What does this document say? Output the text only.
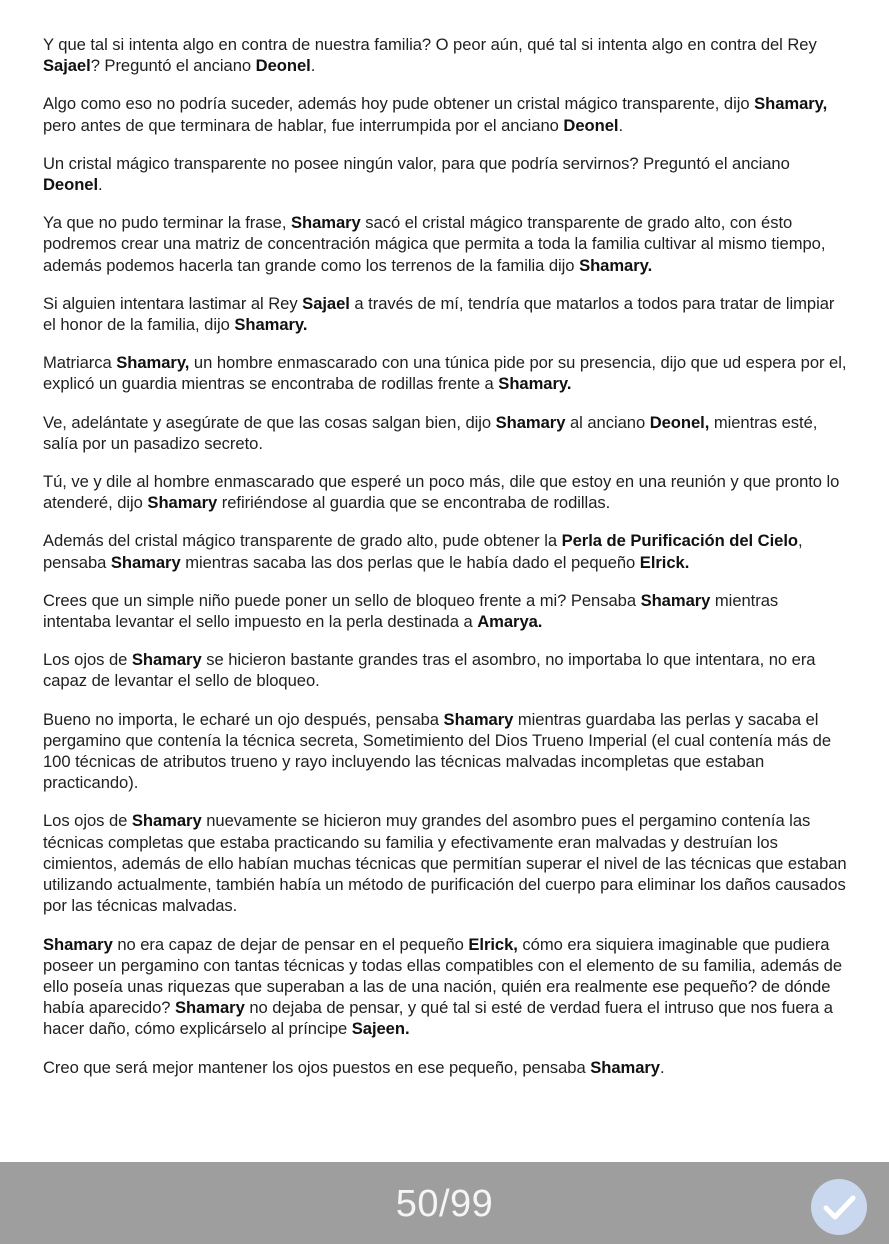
Y que tal si intenta algo en contra de nuestra familia? O peor aún, qué tal si intenta algo en contra del Rey Sajael? Preguntó el anciano Deonel.

Algo como eso no podría suceder, además hoy pude obtener un cristal mágico transparente, dijo Shamary, pero antes de que terminara de hablar, fue interrumpida por el anciano Deonel.

Un cristal mágico transparente no posee ningún valor, para que podría servirnos? Preguntó el anciano Deonel.

Ya que no pudo terminar la frase, Shamary sacó el cristal mágico transparente de grado alto, con ésto podremos crear una matriz de concentración mágica que permita a toda la familia cultivar al mismo tiempo, además podemos hacerla tan grande como los terrenos de la familia dijo Shamary.

Si alguien intentara lastimar al Rey Sajael a través de mí, tendría que matarlos a todos para tratar de limpiar el honor de la familia, dijo Shamary.

Matriarca Shamary, un hombre enmascarado con una túnica pide por su presencia, dijo que ud espera por el, explicó un guardia mientras se encontraba de rodillas frente a Shamary.

Ve, adelántate y asegúrate de que las cosas salgan bien, dijo Shamary al anciano Deonel, mientras esté, salía por un pasadizo secreto.

Tú, ve y dile al hombre enmascarado que esperé un poco más, dile que estoy en una reunión y que pronto lo atenderé, dijo Shamary refiriéndose al guardia que se encontraba de rodillas.

Además del cristal mágico transparente de grado alto, pude obtener la Perla de Purificación del Cielo, pensaba Shamary mientras sacaba las dos perlas que le había dado el pequeño Elrick.

Crees que un simple niño puede poner un sello de bloqueo frente a mi? Pensaba Shamary mientras intentaba levantar el sello impuesto en la perla destinada a Amarya.

Los ojos de Shamary se hicieron bastante grandes tras el asombro, no importaba lo que intentara, no era capaz de levantar el sello de bloqueo.

Bueno no importa, le echaré un ojo después, pensaba Shamary mientras guardaba las perlas y sacaba el pergamino que contenía la técnica secreta, Sometimiento del Dios Trueno Imperial (el cual contenía más de 100 técnicas de atributos trueno y rayo incluyendo las técnicas malvadas incompletas que estaban practicando).

Los ojos de Shamary nuevamente se hicieron muy grandes del asombro pues el pergamino contenía las técnicas completas que estaba practicando su familia y efectivamente eran malvadas y destruían los cimientos, además de ello habían muchas técnicas que permitían superar el nivel de las técnicas que estaban utilizando actualmente, también había un método de purificación del cuerpo para eliminar los daños causados por las técnicas malvadas.

Shamary no era capaz de dejar de pensar en el pequeño Elrick, cómo era siquiera imaginable que pudiera poseer un pergamino con tantas técnicas y todas ellas compatibles con el elemento de su familia, además de ello poseía unas riquezas que superaban a las de una nación, quién era realmente ese pequeño? de dónde había aparecido? Shamary no dejaba de pensar, y qué tal si esté de verdad fuera el intruso que nos fuera a hacer daño, cómo explicárselo al príncipe Sajeen.

Creo que será mejor mantener los ojos puestos en ese pequeño, pensaba Shamary.

50/99
